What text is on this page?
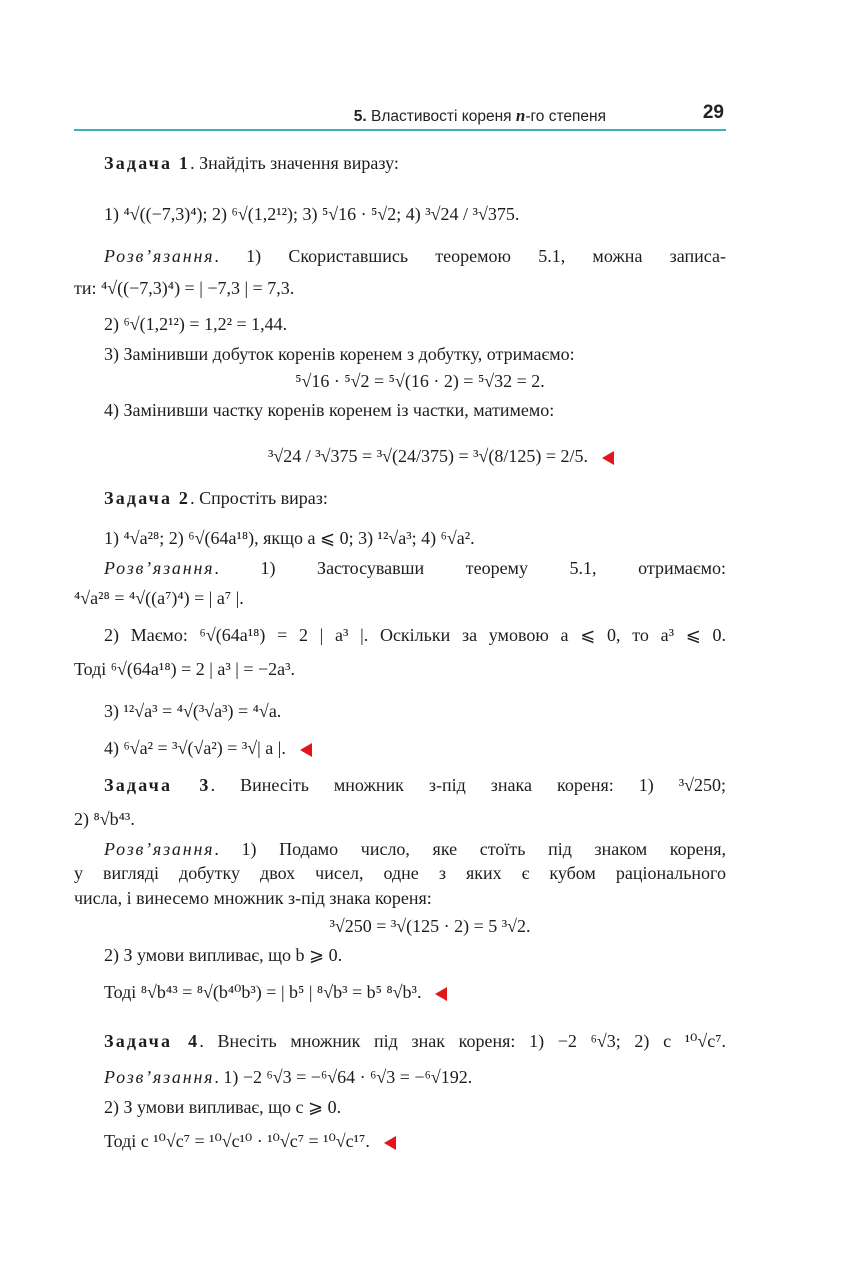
5. Властивості кореня n-го степеня	29
Задача 1. Знайдіть значення виразу:
1) ⁴√((−7,3)⁴); 2) ⁶√(1,2¹²); 3) ⁵√16 · ⁵√2; 4) ³√24 / ³√375.
Розв’язання. 1) Скориставшись теоремою 5.1, можна записа-
ти: ⁴√((−7,3)⁴) = | −7,3 | = 7,3.
2) ⁶√(1,2¹²) = 1,2² = 1,44.
3) Замінивши добуток коренів коренем з добутку, отримаємо:
⁵√16 · ⁵√2 = ⁵√(16 · 2) = ⁵√32 = 2.
4) Замінивши частку коренів коренем із частки, матимемо:
³√24 / ³√375 = ³√(24/375) = ³√(8/125) = 2/5.
Задача 2. Спростіть вираз:
1) ⁴√a²⁸; 2) ⁶√(64a¹⁸), якщо a ⩽ 0; 3) ¹²√a³; 4) ⁶√a².
Розв’язання. 1) Застосувавши теорему 5.1, отримаємо:
⁴√a²⁸ = ⁴√((a⁷)⁴) = | a⁷ |.
2) Маємо: ⁶√(64a¹⁸) = 2 | a³ |. Оскільки за умовою a ⩽ 0, то a³ ⩽ 0.
Тоді ⁶√(64a¹⁸) = 2 | a³ | = −2a³.
3) ¹²√a³ = ⁴√(³√a³) = ⁴√a.
4) ⁶√a² = ³√(√a²) = ³√| a |.
Задача 3. Винесіть множник з-під знака кореня: 1) ³√250;
2) ⁸√b⁴³.
Розв’язання. 1) Подамо число, яке стоїть під знаком кореня,
у вигляді добутку двох чисел, одне з яких є кубом раціонального
числа, і винесемо множник з-під знака кореня:
³√250 = ³√(125 · 2) = 5 ³√2.
2) З умови випливає, що b ⩾ 0.
Тоді ⁸√b⁴³ = ⁸√(b⁴⁰b³) = | b⁵ | ⁸√b³ = b⁵ ⁸√b³.
Задача 4. Внесіть множник під знак кореня: 1) −2 ⁶√3; 2) c ¹⁰√c⁷.
Розв’язання. 1) −2 ⁶√3 = −⁶√64 · ⁶√3 = −⁶√192.
2) З умови випливає, що c ⩾ 0.
Тоді c ¹⁰√c⁷ = ¹⁰√c¹⁰ · ¹⁰√c⁷ = ¹⁰√c¹⁷.
